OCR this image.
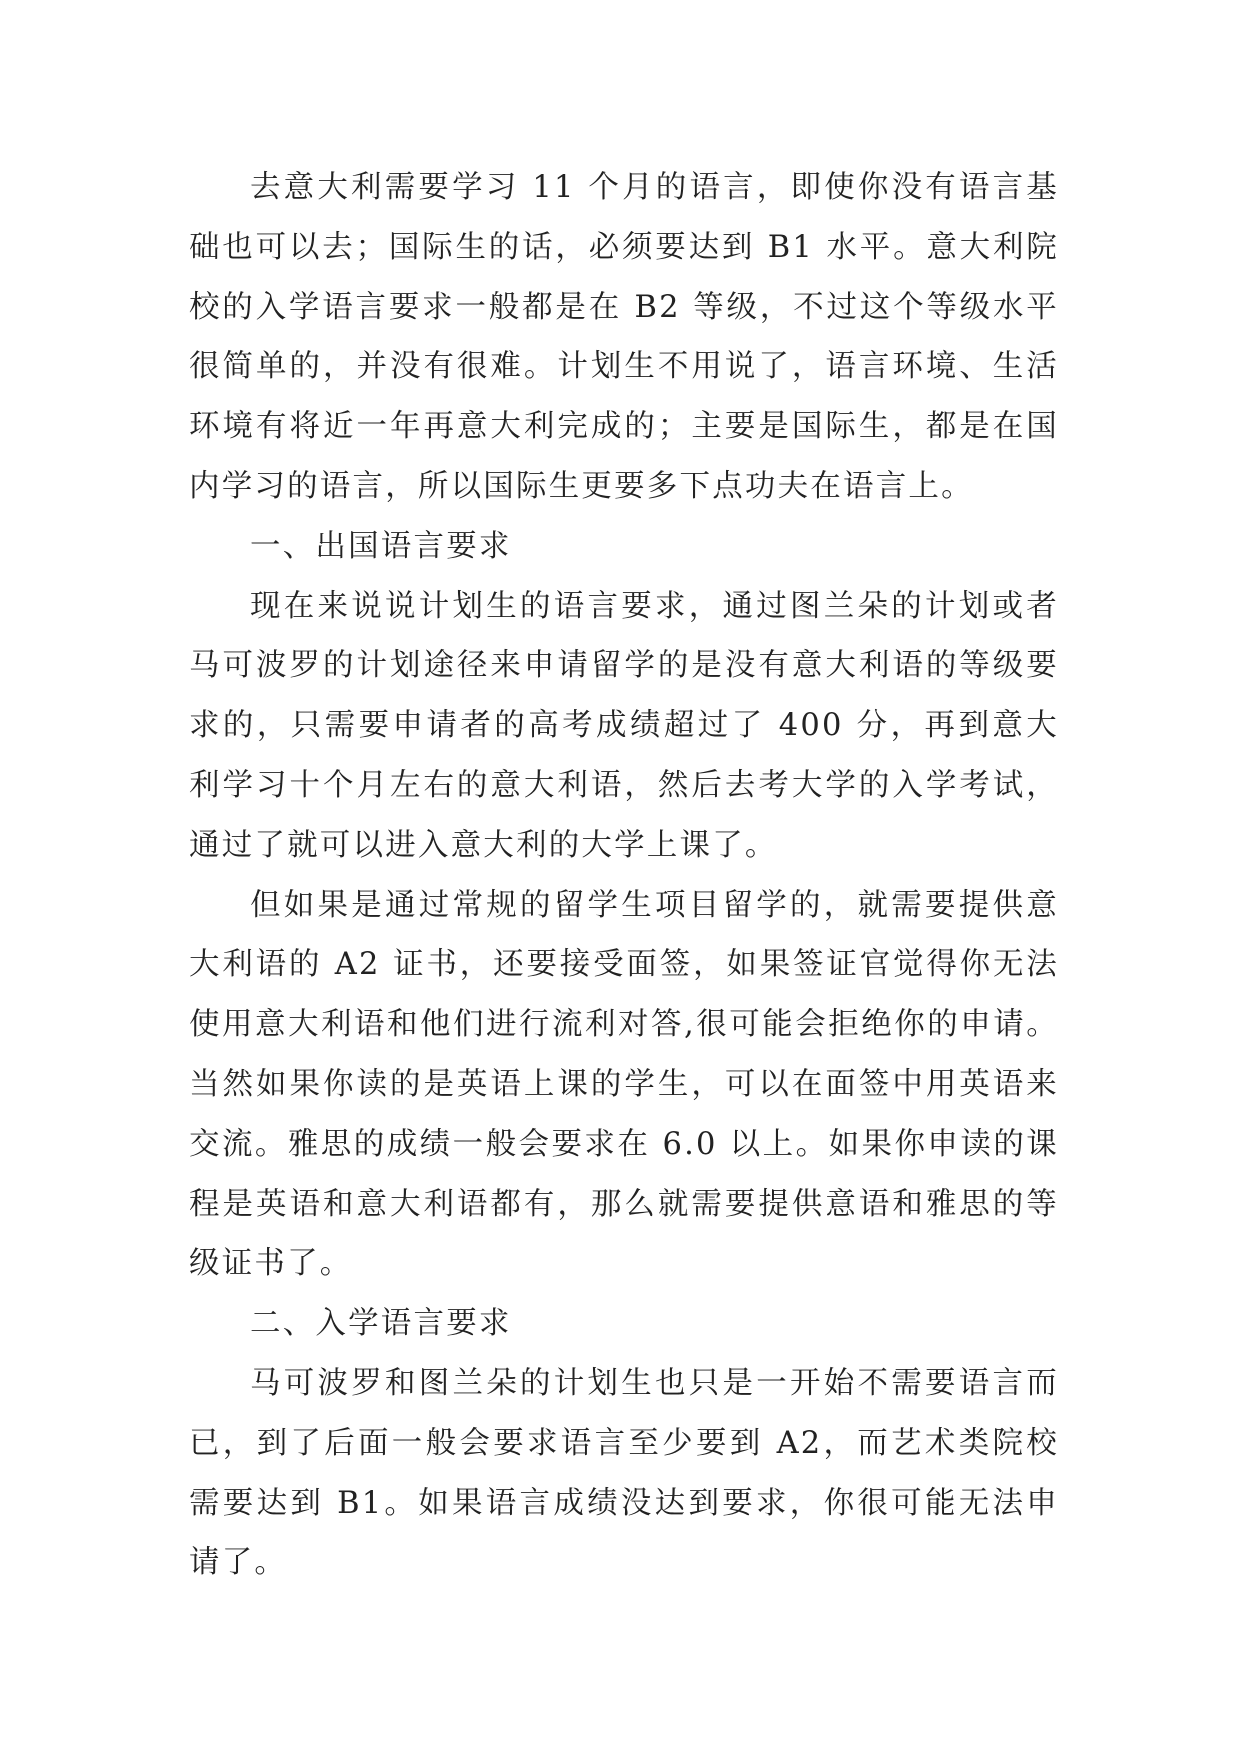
去意大利需要学习 11 个月的语言，即使你没有语言基础也可以去；国际生的话，必须要达到 B1 水平。意大利院校的入学语言要求一般都是在 B2 等级，不过这个等级水平很简单的，并没有很难。计划生不用说了，语言环境、生活环境有将近一年再意大利完成的；主要是国际生，都是在国内学习的语言，所以国际生更要多下点功夫在语言上。

一、出国语言要求

现在来说说计划生的语言要求，通过图兰朵的计划或者马可波罗的计划途径来申请留学的是没有意大利语的等级要求的，只需要申请者的高考成绩超过了 400 分，再到意大利学习十个月左右的意大利语，然后去考大学的入学考试，通过了就可以进入意大利的大学上课了。

但如果是通过常规的留学生项目留学的，就需要提供意大利语的 A2 证书，还要接受面签，如果签证官觉得你无法使用意大利语和他们进行流利对答,很可能会拒绝你的申请。当然如果你读的是英语上课的学生，可以在面签中用英语来交流。雅思的成绩一般会要求在 6.0 以上。如果你申读的课程是英语和意大利语都有，那么就需要提供意语和雅思的等级证书了。

二、入学语言要求

马可波罗和图兰朵的计划生也只是一开始不需要语言而已，到了后面一般会要求语言至少要到 A2，而艺术类院校需要达到 B1。如果语言成绩没达到要求，你很可能无法申请了。
